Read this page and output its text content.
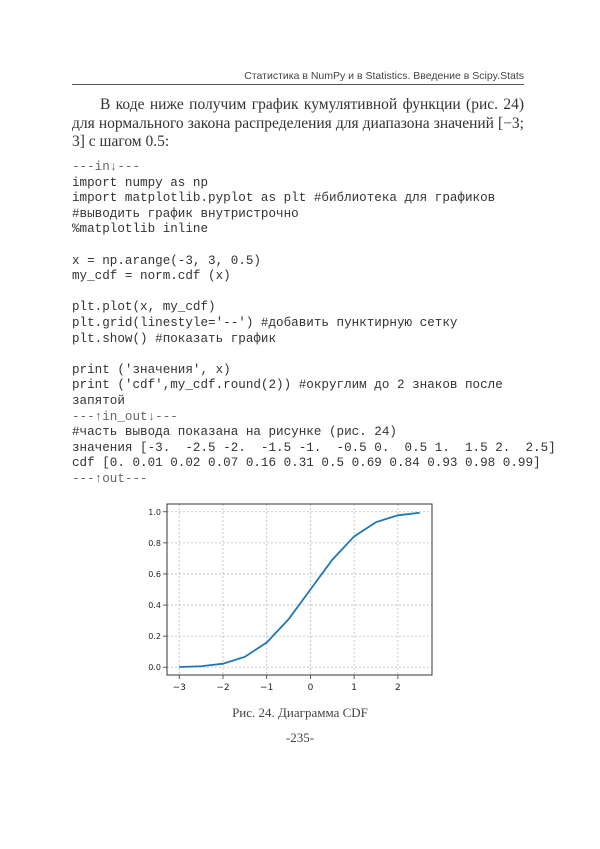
Статистика в NumPy и в Statistics. Введение в Scipy.Stats

В коде ниже получим график кумулятивной функции (рис. 24) для нормального закона распределения для диапазона значений [−3; 3] с шагом 0.5:

---in↓---
import numpy as np
import matplotlib.pyplot as plt #библиотека для графиков
#выводить график внутристрочно
%matplotlib inline
x = np.arange(-3, 3, 0.5)
my_cdf = norm.cdf (x)
plt.plot(x, my_cdf)
plt.grid(linestyle='--') #добавить пунктирную сетку
plt.show() #показать график
print ('значения', x)
print ('cdf',my_cdf.round(2)) #округлим до 2 знаков после
запятой
---↑in_out↓---
#часть вывода показана на рисунке (рис. 24)
значения [-3.  -2.5 -2.  -1.5 -1.  -0.5 0.  0.5 1.  1.5 2.  2.5]
cdf [0. 0.01 0.02 0.07 0.16 0.31 0.5 0.69 0.84 0.93 0.98 0.99]
---↑out---
−3	−2	−1	0	1	2
0.0
0.2
0.4
0.6
0.8
1.0
Рис. 24. Диаграмма CDF
-235-
